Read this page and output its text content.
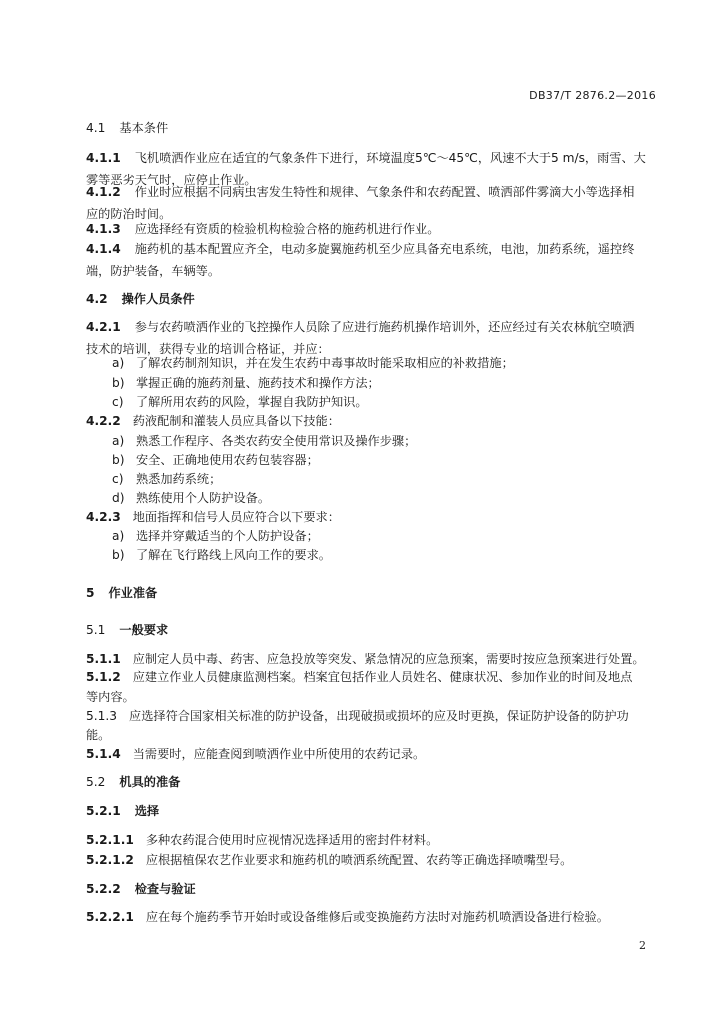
DB37/T 2876.2—2016
4.1 基本条件
4.1.1 飞机喷洒作业应在适宜的气象条件下进行，环境温度5℃～45℃，风速不大于5 m/s，雨雪、大
雾等恶劣天气时，应停止作业。
4.1.2 作业时应根据不同病虫害发生特性和规律、气象条件和农药配置、喷洒部件雾滴大小等选择相
应的防治时间。
4.1.3 应选择经有资质的检验机构检验合格的施药机进行作业。
4.1.4 施药机的基本配置应齐全，电动多旋翼施药机至少应具备充电系统，电池，加药系统，遥控终
端，防护装备，车辆等。
4.2 操作人员条件
4.2.1 参与农药喷洒作业的飞控操作人员除了应进行施药机操作培训外，还应经过有关农林航空喷洒
技术的培训，获得专业的培训合格证，并应：
a) 了解农药制剂知识，并在发生农药中毒事故时能采取相应的补救措施；
b) 掌握正确的施药剂量、施药技术和操作方法；
c) 了解所用农药的风险，掌握自我防护知识。
4.2.2 药液配制和灌装人员应具备以下技能：
a) 熟悉工作程序、各类农药安全使用常识及操作步骤；
b) 安全、正确地使用农药包装容器；
c) 熟悉加药系统；
d) 熟练使用个人防护设备。
4.2.3 地面指挥和信号人员应符合以下要求：
a) 选择并穿戴适当的个人防护设备；
b) 了解在飞行路线上风向工作的要求。
5 作业准备
5.1 一般要求
5.1.1 应制定人员中毒、药害、应急投放等突发、紧急情况的应急预案，需要时按应急预案进行处置。
5.1.2 应建立作业人员健康监测档案。档案宜包括作业人员姓名、健康状况、参加作业的时间及地点
等内容。
5.1.3 应选择符合国家相关标准的防护设备，出现破损或损坏的应及时更换，保证防护设备的防护功
能。
5.1.4 当需要时，应能查阅到喷洒作业中所使用的农药记录。
5.2 机具的准备
5.2.1 选择
5.2.1.1 多种农药混合使用时应视情况选择适用的密封件材料。
5.2.1.2 应根据植保农艺作业要求和施药机的喷洒系统配置、农药等正确选择喷嘴型号。
5.2.2 检查与验证
5.2.2.1 应在每个施药季节开始时或设备维修后或变换施药方法时对施药机喷洒设备进行检验。
2
